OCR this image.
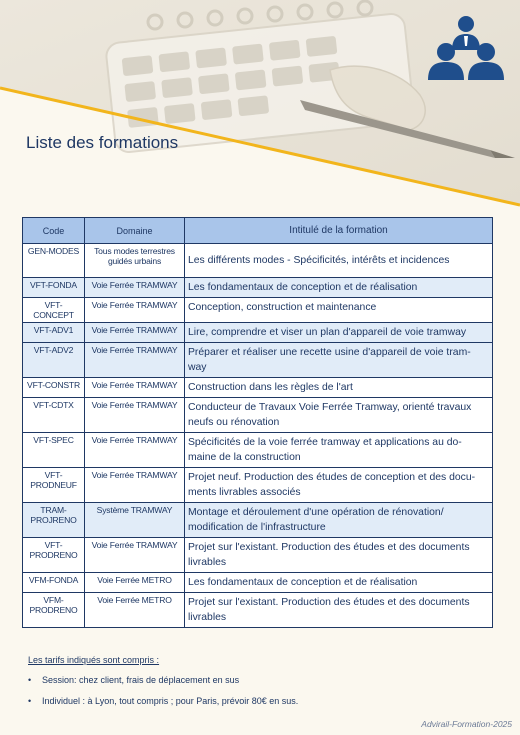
Liste des formations
Code	Domaine	Intitulé de la formation
GEN-MODES	Tous modes terrestres guidés urbains	Les différents modes - Spécificités, intérêts et incidences
VFT-FONDA	Voie Ferrée TRAMWAY	Les fondamentaux de conception et de réalisation
VFT-CONCEPT	Voie Ferrée TRAMWAY	Conception, construction et maintenance
VFT-ADV1	Voie Ferrée TRAMWAY	Lire, comprendre et viser un plan d'appareil de voie tramway
VFT-ADV2	Voie Ferrée TRAMWAY	Préparer et réaliser une recette usine d'appareil de voie tram-way
VFT-CONSTR	Voie Ferrée TRAMWAY	Construction dans les règles de l'art
VFT-CDTX	Voie Ferrée TRAMWAY	Conducteur de Travaux Voie Ferrée Tramway, orienté travaux neufs ou rénovation
VFT-SPEC	Voie Ferrée TRAMWAY	Spécificités de la voie ferrée tramway et applications au do-maine de la construction
VFT-PRODNEUF	Voie Ferrée TRAMWAY	Projet neuf. Production des études de conception et des docu-ments livrables associés
TRAM-PROJRENO	Système TRAMWAY	Montage et déroulement d'une opération de rénovation/ modification de l'infrastructure
VFT-PRODRENO	Voie Ferrée TRAMWAY	Projet sur l'existant. Production des études et des documents livrables
VFM-FONDA	Voie Ferrée METRO	Les fondamentaux de conception et de réalisation
VFM-PRODRENO	Voie Ferrée METRO	Projet sur l'existant. Production des études et des documents livrables
Les tarifs indiqués sont compris :
• Session: chez client, frais de déplacement en sus
• Individuel : à Lyon, tout compris ; pour Paris, prévoir 80€ en sus.
Advirail-Formation-2025
